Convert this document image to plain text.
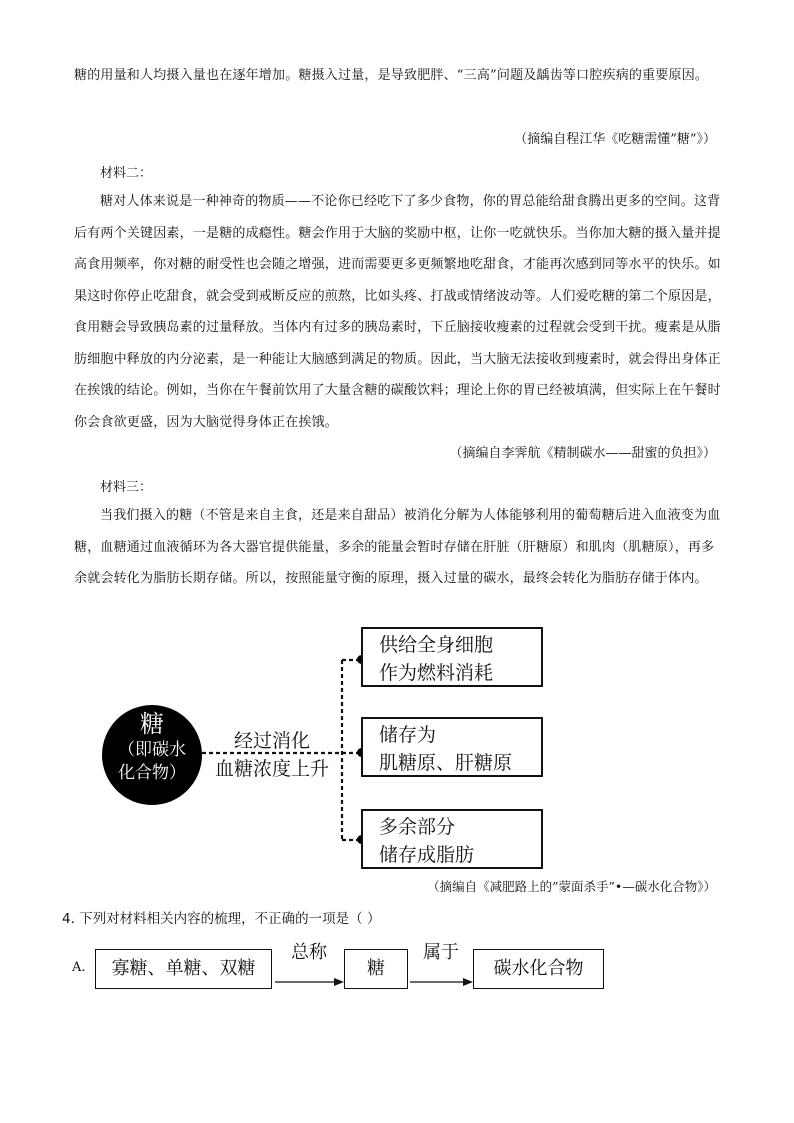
糖的用量和人均摄入量也在逐年增加。糖摄入过量，是导致肥胖、“三高”问题及龋齿等口腔疾病的重要原因。

（摘编自程江华《吃糖需懂”糖”》）

材料二：

糖对人体来说是一种神奇的物质——不论你已经吃下了多少食物，你的胃总能给甜食腾出更多的空间。这背后有两个关键因素，一是糖的成瘾性。糖会作用于大脑的奖励中枢，让你一吃就快乐。当你加大糖的摄入量并提高食用频率，你对糖的耐受性也会随之增强，进而需要更多更频繁地吃甜食，才能再次感到同等水平的快乐。如果这时你停止吃甜食，就会受到戒断反应的煎熬，比如头疼、打战或情绪波动等。人们爱吃糖的第二个原因是，食用糖会导致胰岛素的过量释放。当体内有过多的胰岛素时，下丘脑接收瘦素的过程就会受到干扰。瘦素是从脂肪细胞中释放的内分泌素，是一种能让大脑感到满足的物质。因此，当大脑无法接收到瘦素时，就会得出身体正在挨饿的结论。例如，当你在午餐前饮用了大量含糖的碳酸饮料；理论上你的胃已经被填满，但实际上在午餐时你会食欲更盛，因为大脑觉得身体正在挨饿。

（摘编自李霁航《精制碳水——甜蜜的负担》）

材料三：

当我们摄入的糖（不管是来自主食，还是来自甜品）被消化分解为人体能够利用的葡萄糖后进入血液变为血糖，血糖通过血液循环为各大器官提供能量，多余的能量会暂时存储在肝脏（肝糖原）和肌肉（肌糖原），再多余就会转化为脂肪长期存储。所以，按照能量守衡的原理，摄入过量的碳水，最终会转化为脂肪存储于体内。

糖
（即碳水
化合物）
经过消化
血糖浓度上升
供给全身细胞
作为燃料消耗
储存为
肌糖原、肝糖原
多余部分
储存成脂肪

（摘编自《减肥路上的”蒙面杀手”•—碳水化合物》）

4. 下列对材料相关内容的梳理，不正确的一项是（ ）

A.	寡糖、单糖、双糖
总称
糖
属于
碳水化合物
